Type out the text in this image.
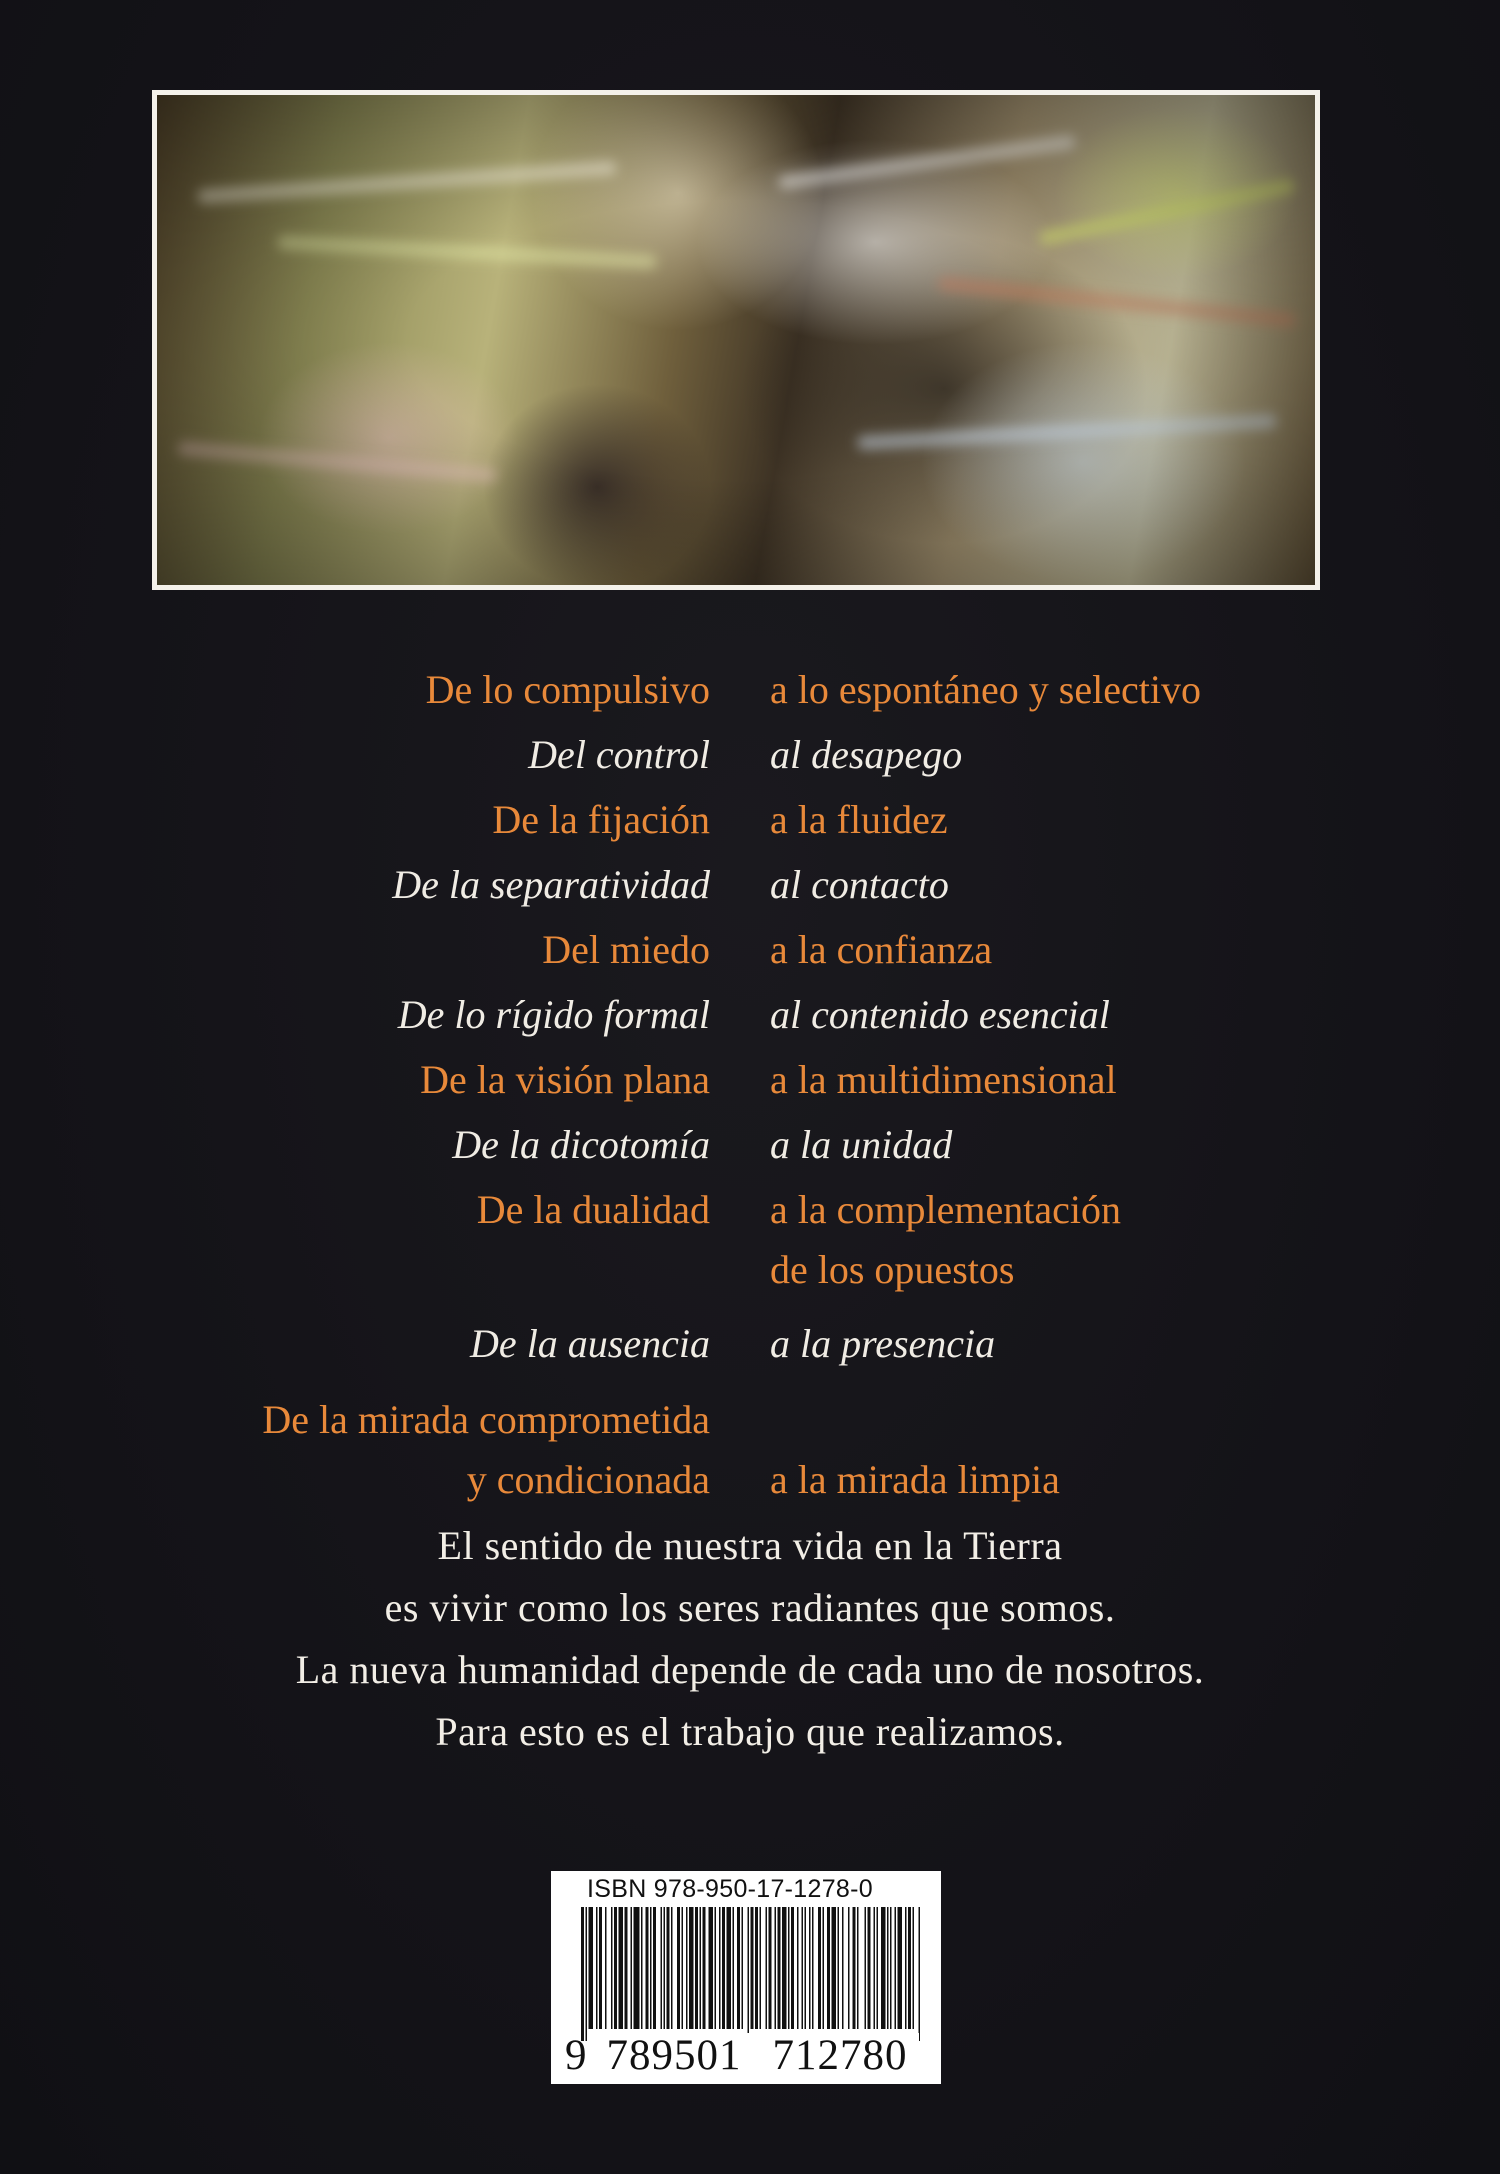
De lo compulsivo a lo espontáneo y selectivo
Del control al desapego
De la fijación a la fluidez
De la separatividad al contacto
Del miedo a la confianza
De lo rígido formal al contenido esencial
De la visión plana a la multidimensional
De la dicotomía a la unidad
De la dualidad a la complementación
de los opuestos
De la ausencia a la presencia
De la mirada comprometida
y condicionada a la mirada limpia
El sentido de nuestra vida en la Tierra
es vivir como los seres radiantes que somos.
La nueva humanidad depende de cada uno de nosotros.
Para esto es el trabajo que realizamos.
ISBN 978-950-17-1278-0
9 789501 712780
